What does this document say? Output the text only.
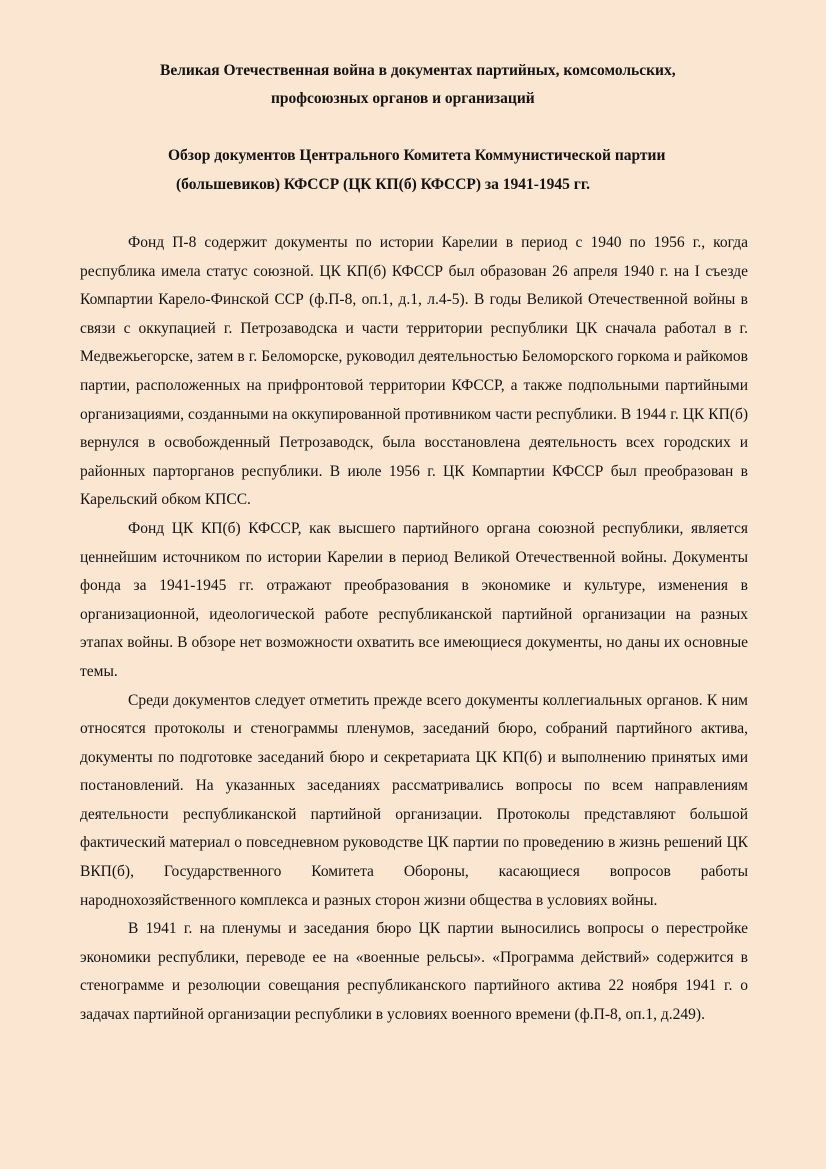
Великая Отечественная война в документах партийных, комсомольских,

профсоюзных органов и организаций

Обзор документов Центрального Комитета Коммунистической партии

(большевиков) КФССР (ЦК КП(б) КФССР) за 1941-1945 гг.

Фонд П-8 содержит документы по истории Карелии в период с 1940 по 1956 г., когда республика имела статус союзной. ЦК КП(б) КФССР был образован 26 апреля 1940 г. на I съезде Компартии Карело-Финской ССР (ф.П-8, оп.1, д.1, л.4-5). В годы Великой Отечественной войны в связи с оккупацией г. Петрозаводска и части территории республики ЦК сначала работал в г. Медвежьегорске, затем в г. Беломорске, руководил деятельностью Беломорского горкома и райкомов партии, расположенных на прифронтовой территории КФССР, а также подпольными партийными организациями, созданными на оккупированной противником части республики. В 1944 г. ЦК КП(б) вернулся в освобожденный Петрозаводск, была восстановлена деятельность всех городских и районных парторганов республики. В июле 1956 г. ЦК Компартии КФССР был преобразован в Карельский обком КПСС.

Фонд ЦК КП(б) КФССР, как высшего партийного органа союзной республики, является ценнейшим источником по истории Карелии в период Великой Отечественной войны. Документы фонда за 1941-1945 гг. отражают преобразования в экономике и культуре, изменения в организационной, идеологической работе республиканской партийной организации на разных этапах войны. В обзоре нет возможности охватить все имеющиеся документы, но даны их основные темы.

Среди документов следует отметить прежде всего документы коллегиальных органов. К ним относятся протоколы и стенограммы пленумов, заседаний бюро, собраний партийного актива, документы по подготовке заседаний бюро и секретариата ЦК КП(б) и выполнению принятых ими постановлений. На указанных заседаниях рассматривались вопросы по всем направлениям деятельности республиканской партийной организации. Протоколы представляют большой фактический материал о повседневном руководстве ЦК партии по проведению в жизнь решений ЦК ВКП(б), Государственного Комитета Обороны, касающиеся вопросов работы народнохозяйственного комплекса и разных сторон жизни общества в условиях войны.

В 1941 г. на пленумы и заседания бюро ЦК партии выносились вопросы о перестройке экономики республики, переводе ее на «военные рельсы». «Программа действий» содержится в стенограмме и резолюции совещания республиканского партийного актива 22 ноября 1941 г. о задачах партийной организации республики в условиях военного времени (ф.П-8, оп.1, д.249).
